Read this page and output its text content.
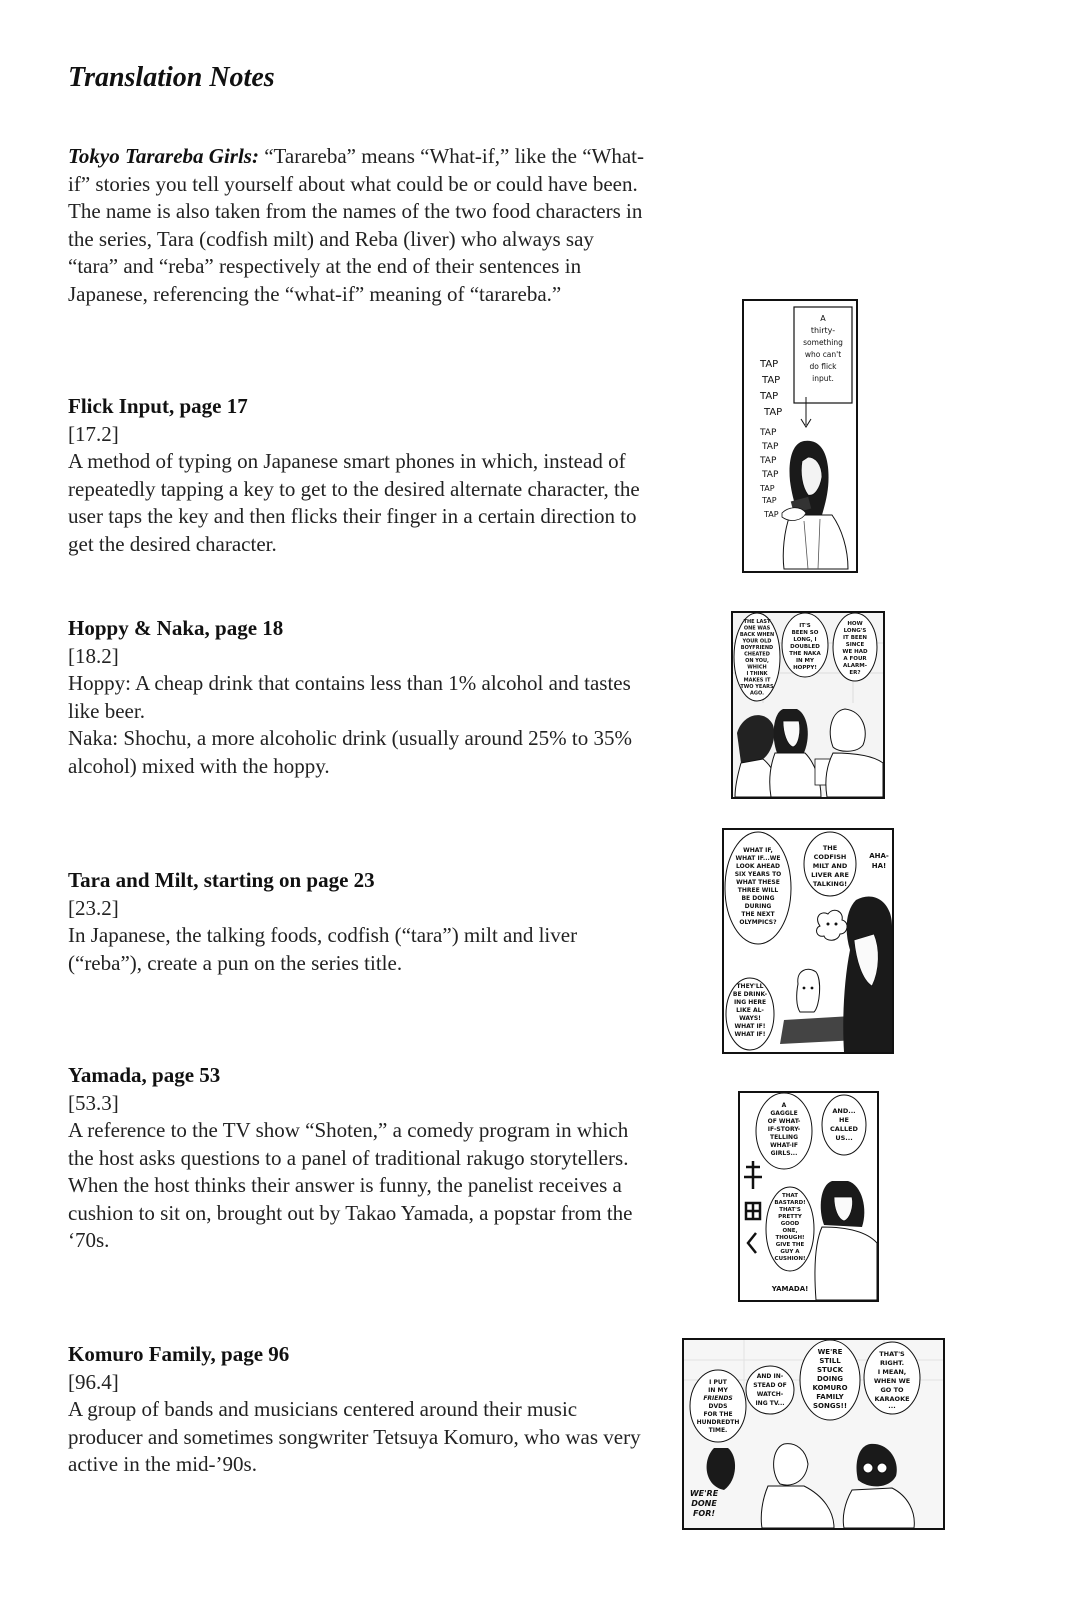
Translation Notes

Tokyo Tarareba Girls: “Tarareba” means “What-if,” like the “What-if” stories you tell yourself about what could be or could have been. The name is also taken from the names of the two food characters in the series, Tara (codfish milt) and Reba (liver) who always say “tara” and “reba” respectively at the end of their sentences in Japanese, referencing the “what-if” meaning of “tarareba.”

Flick Input, page 17

[17.2]

A method of typing on Japanese smart phones in which, instead of repeatedly tapping a key to get to the desired alternate character, the user taps the key and then flicks their finger in a certain direction to get the desired character.

Hoppy & Naka, page 18

[18.2]

Hoppy: A cheap drink that contains less than 1% alcohol and tastes like beer.

Naka: Shochu, a more alcoholic drink (usually around 25% to 35% alcohol) mixed with the hoppy.

Tara and Milt, starting on page 23

[23.2]

In Japanese, the talking foods, codfish (“tara”) milt and liver (“reba”), create a pun on the series title.

Yamada, page 53

[53.3]

A reference to the TV show “Shoten,” a comedy program in which the host asks questions to a panel of traditional rakugo storytellers. When the host thinks their answer is funny, the panelist receives a cushion to sit on, brought out by Takao Yamada, a popstar from the ‘70s.

Komuro Family, page 96

[96.4]

A group of bands and musicians centered around their music producer and sometimes songwriter Tetsuya Komuro, who was very active in the mid-’90s.

A
thirty-
something
who can't
do flick
input.
TAP
TAP
TAP
TAP
TAP
TAP
TAP
TAP
TAP
TAP
TAP
THE LAST
ONE WAS
BACK WHEN
YOUR OLD
BOYFRIEND
CHEATED
ON YOU,
WHICH
I THINK
MAKES IT
TWO YEARS
AGO.
IT'S
BEEN SO
LONG, I
DOUBLED
THE NAKA
IN MY
HOPPY!
HOW
LONG'S
IT BEEN
SINCE
WE HAD
A FOUR
ALARM-
ER?
WHAT IF,
WHAT IF...WE
LOOK AHEAD
SIX YEARS TO
WHAT THESE
THREE WILL
BE DOING
DURING
THE NEXT
OLYMPICS?
THE
CODFISH
MILT AND
LIVER ARE
TALKING!
AHA-
HA!
THEY'LL
BE DRINK-
ING HERE
LIKE AL-
WAYS!
WHAT IF!
WHAT IF!
A
GAGGLE
OF WHAT-
IF-STORY-
TELLING
WHAT-IF
GIRLS...
AND...
HE
CALLED
US...
THAT
BASTARD!
THAT'S
PRETTY
GOOD
ONE,
THOUGH!
GIVE THE
GUY A
CUSHION!
YAMADA!
I PUT
IN MY
FRIENDS
DVDS
FOR THE
HUNDREDTH
TIME.
AND IN-
STEAD OF
WATCH-
ING TV...
WE'RE
STILL
STUCK
DOING
KOMURO
FAMILY
SONGS!!
THAT'S
RIGHT.
I MEAN,
WHEN WE
GO TO
KARAOKE
...
WE'RE
DONE
FOR!
